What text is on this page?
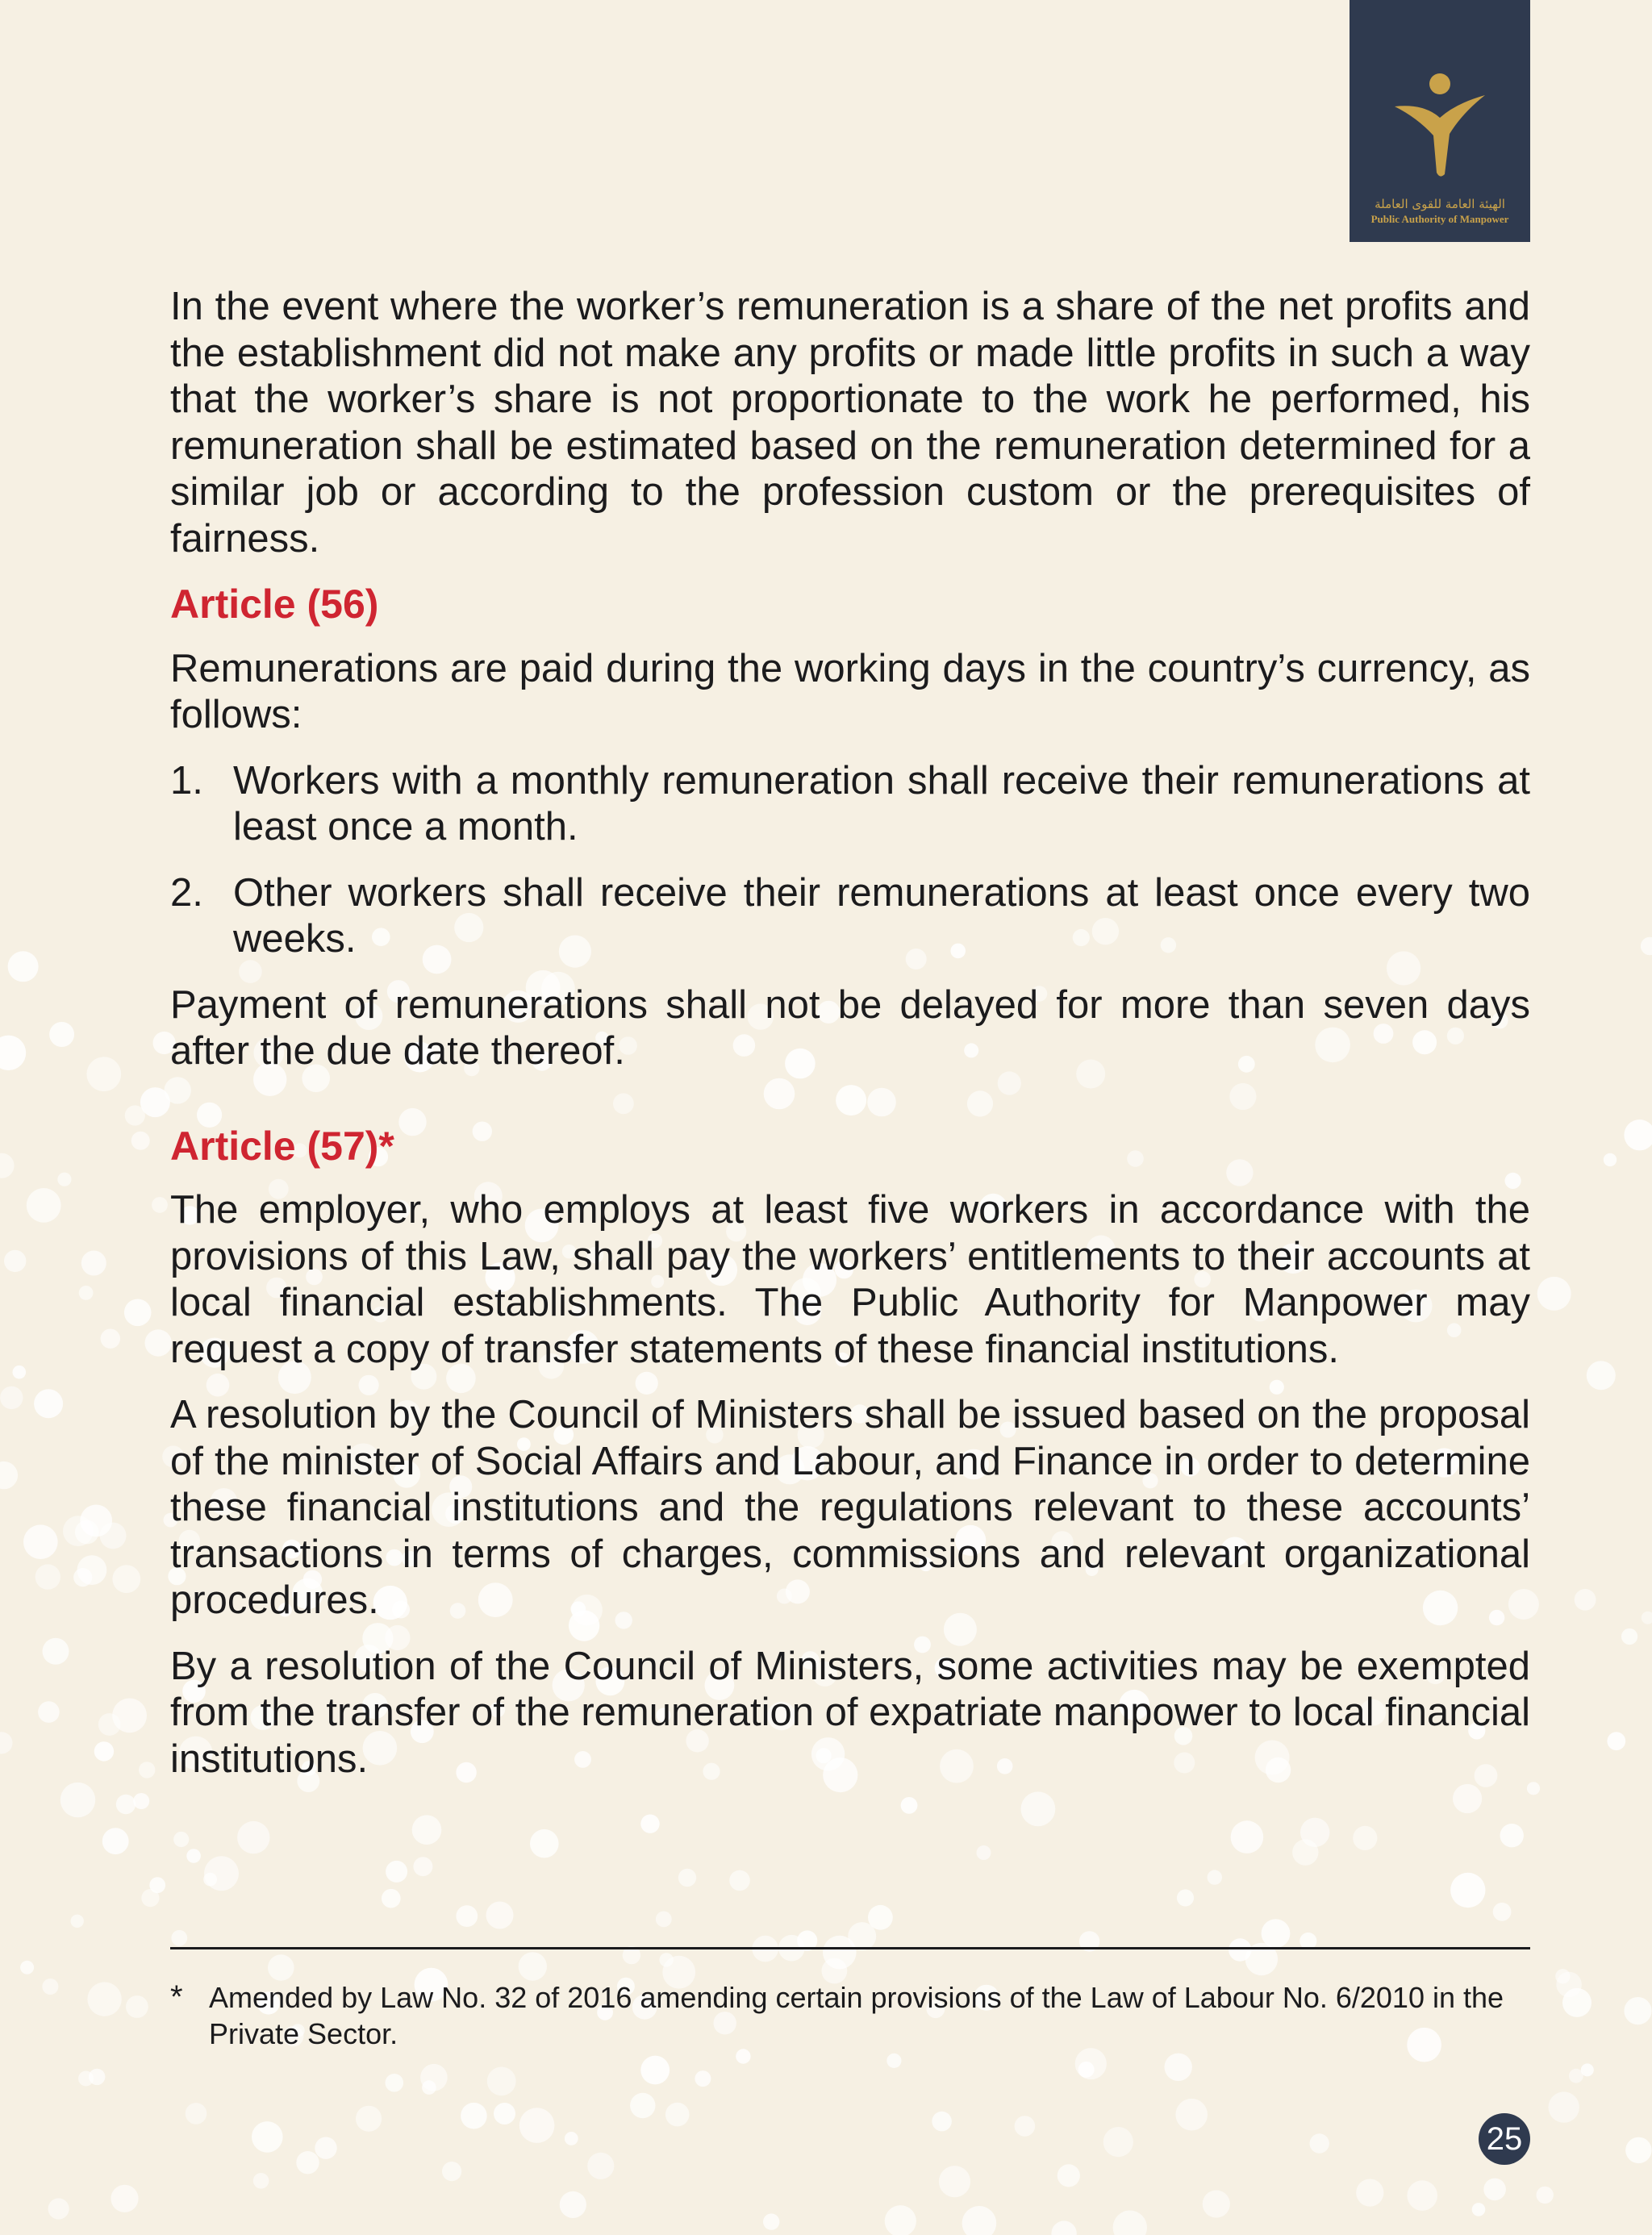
الهيئة العامة للقوى العاملة
Public Authority of Manpower

In the event where the worker’s remuneration is a share of the net profits and the establishment did not make any profits or made little profits in such a way that the worker’s share is not proportionate to the work he performed, his remuneration shall be estimated based on the remuneration determined for a similar job or according to the profession custom or the prerequisites of fairness.

Article (56)

Remunerations are paid during the working days in the country’s currency, as follows:

1. Workers with a monthly remuneration shall receive their remunerations at least once a month.
2. Other workers shall receive their remunerations at least once every two weeks.

Payment of remunerations shall not be delayed for more than seven days after the due date thereof.

Article (57)*

The employer, who employs at least five workers in accordance with the provisions of this Law, shall pay the workers’ entitlements to their accounts at local financial establishments. The Public Authority for Manpower may request a copy of transfer statements of these financial institutions.

A resolution by the Council of Ministers shall be issued based on the proposal of the minister of Social Affairs and Labour, and Finance in order to determine these financial institutions and the regulations relevant to these accounts’ transactions in terms of charges, commissions and relevant organizational procedures.

By a resolution of the Council of Ministers, some activities may be exempted from the transfer of the remuneration of expatriate manpower to local financial institutions.

* Amended by Law No. 32 of 2016 amending certain provisions of the Law of Labour No. 6/2010 in the Private Sector.
25
